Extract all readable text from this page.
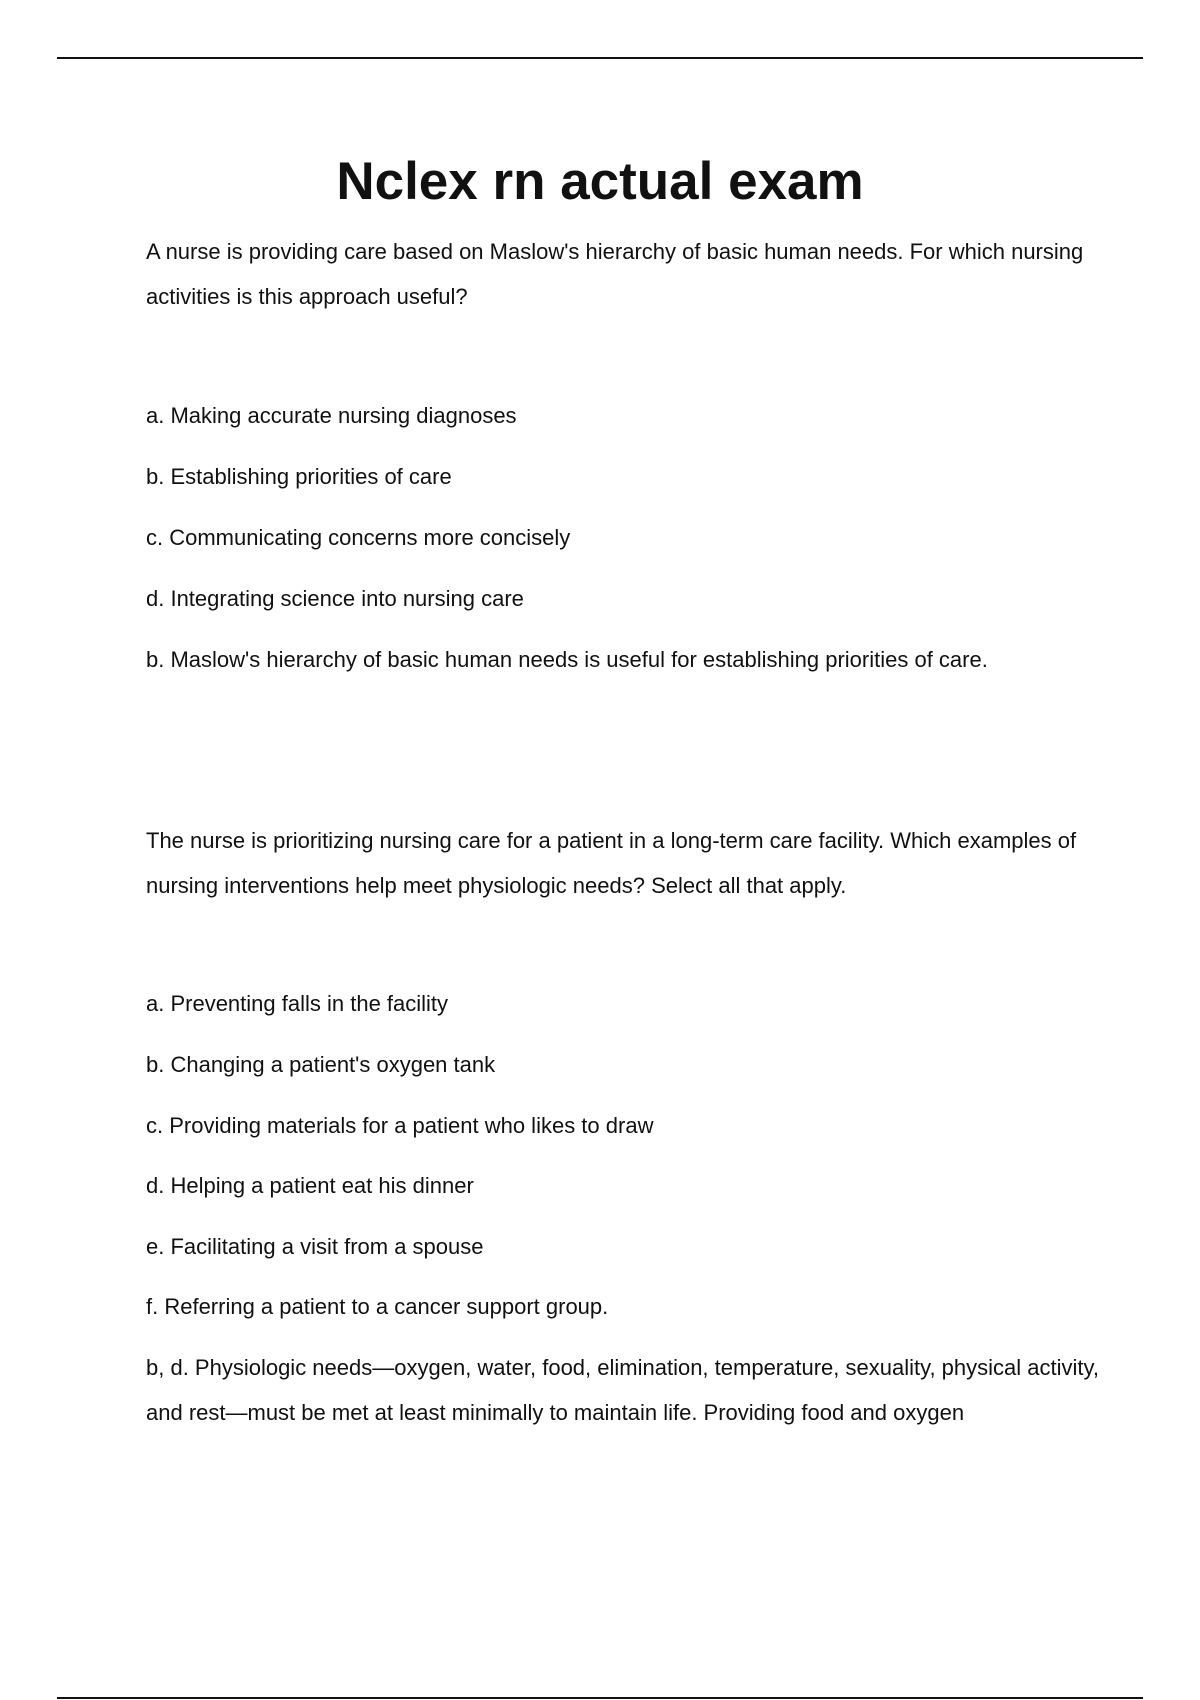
Nclex rn actual exam

A nurse is providing care based on Maslow's hierarchy of basic human needs. For which nursing activities is this approach useful?

a. Making accurate nursing diagnoses

b. Establishing priorities of care

c. Communicating concerns more concisely

d. Integrating science into nursing care

b. Maslow's hierarchy of basic human needs is useful for establishing priorities of care.

The nurse is prioritizing nursing care for a patient in a long-term care facility. Which examples of nursing interventions help meet physiologic needs? Select all that apply.

a. Preventing falls in the facility

b. Changing a patient's oxygen tank

c. Providing materials for a patient who likes to draw

d. Helping a patient eat his dinner

e. Facilitating a visit from a spouse

f. Referring a patient to a cancer support group.

b, d. Physiologic needs—oxygen, water, food, elimination, temperature, sexuality, physical activity, and rest—must be met at least minimally to maintain life. Providing food and oxygen
